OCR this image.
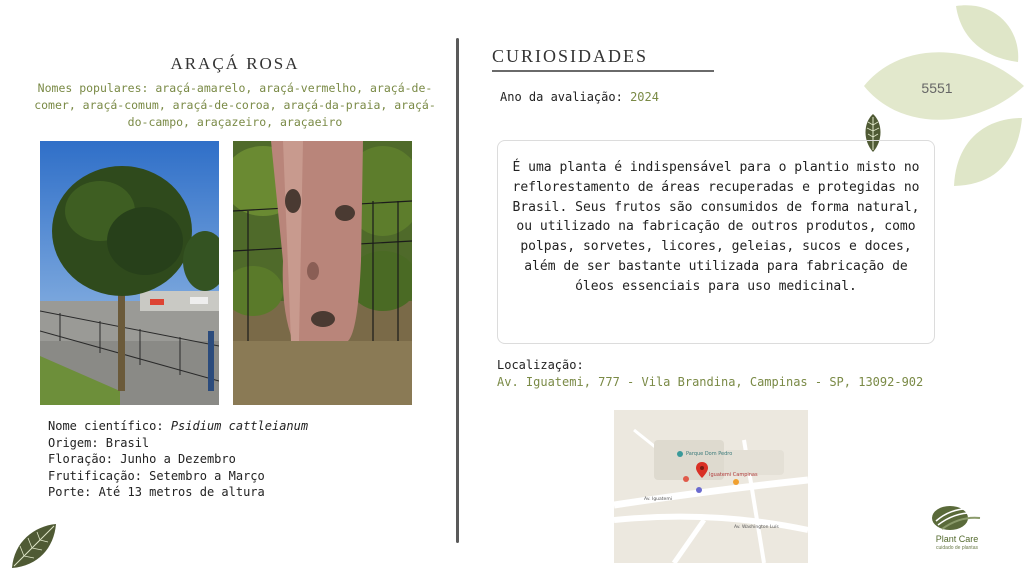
5551
ARAÇÁ ROSA
Nomes populares: araçá-amarelo, araçá-vermelho, araçá-de-comer, araçá-comum, araçá-de-coroa, araçá-da-praia, araçá-do-campo, araçazeiro, araçaeiro
Nome científico: Psidium cattleianum
Origem: Brasil
Floração: Junho a Dezembro
Frutificação: Setembro a Março
Porte: Até 13 metros de altura
CURIOSIDADES
Ano da avaliação: 2024

É uma planta é indispensável para o plantio misto no reflorestamento de áreas recuperadas e protegidas no Brasil. Seus frutos são consumidos de forma natural, ou utilizado na fabricação de outros produtos, como polpas, sorvetes, licores, geleias, sucos e doces, além de ser bastante utilizada para fabricação de óleos essenciais para uso medicinal.

Localização:
Av. Iguatemi, 777 - Vila Brandina, Campinas - SP, 13092-902
Parque Dom Pedro
Iguatemi Campinas
Av. Iguatemi
Av. Washington Luís
Plant Care
cuidado de plantas
